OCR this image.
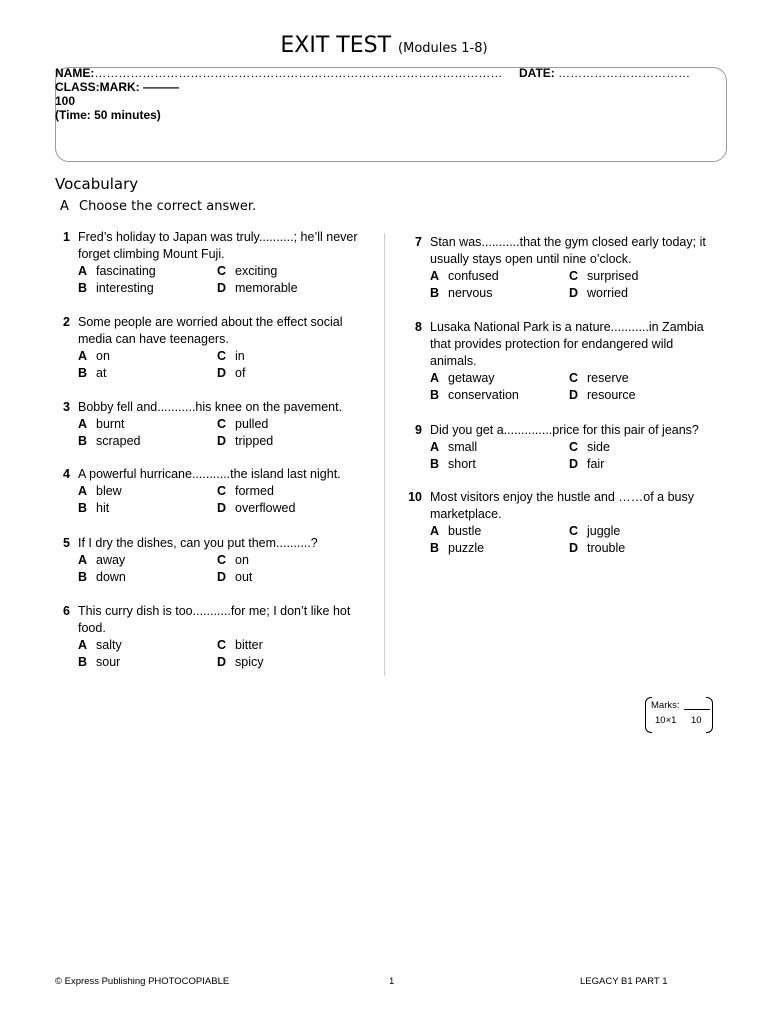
EXIT TEST (Modules 1-8)
NAME:………………………………………………………………………………………… DATE: ……………………………
CLASS:MARK: ———
100
(Time: 50 minutes)
Vocabulary
A Choose the correct answer.
1 Fred’s holiday to Japan was truly..........; he’ll never forget climbing Mount Fuji.
A fascinating	C exciting
B interesting	D memorable
2 Some people are worried about the effect social media can have teenagers.
A on	C in
B at	D of
3 Bobby fell and...........his knee on the pavement.
A burnt	C pulled
B scraped	D tripped
4 A powerful hurricane...........the island last night.
A blew	C formed
B hit	D overflowed
5 If I dry the dishes, can you put them..........?
A away	C on
B down	D out
6 This curry dish is too...........for me; I don’t like hot food.
A salty	C bitter
B sour	D spicy
7 Stan was...........that the gym closed early today; it usually stays open until nine o’clock.
A confused	C surprised
B nervous	D worried
8 Lusaka National Park is a nature...........in Zambia that provides protection for endangered wild animals.
A getaway	C reserve
B conservation	D resource
9 Did you get a..............price for this pair of jeans?
A small	C side
B short	D fair
10 Most visitors enjoy the hustle and ……of a busy marketplace.
A bustle	C juggle
B puzzle	D trouble
Marks:
10×1 10
© Express Publishing PHOTOCOPIABLE	1	LEGACY B1 PART 1
